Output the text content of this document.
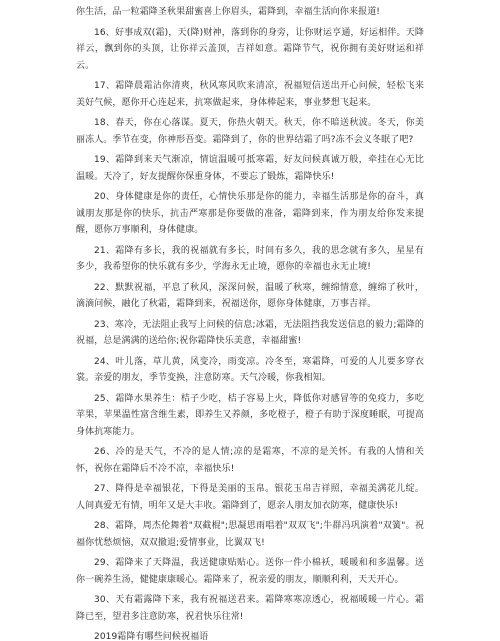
你生活，品一粒霜降圣秋果甜蜜喜上你眉头，霜降到，幸福生活向你来报道!

16、好事成双(霜)，天(降)财神，落到你的身旁，让你财运亨通，好运相伴。天降祥云，飘到你的头顶，让你祥云盖顶，吉祥如意。霜降节气，祝你拥有美好财运和祥云。

17、霜降晨霜沾你清爽，秋风寒风吹来清凉，祝福短信送出开心问候，轻松飞来美好气候，愿你开心连起来，抗寒做起来，身体棒起来，事业梦想飞起来。

18、春天，你在心落谋。夏天，你热火朝天。秋天，你不暗送秋波。冬天，你美丽冻人。季节在变，你神形吾变。霜降到了，你的世界结霜了吗?冻不会义冬眠了吧?

19、霜降到来天气渐凉，情谊温暖可抵寒霜，好友问候真诚万般，牵挂在心无比温暖。天冷了，好友提醒你保重身体，不要忘了锻炼，霜降快乐!

20、身体健康是你的责任，心情快乐那是你的能力，幸福生活那是你的奋斗，真诚朋友那是你的快乐，抗击严寒那是你要做的准备，霜降到来，作为朋友给你发来提醒，愿你万事顺利，身体健康。

21、霜降有多长，我的祝福就有多长，时间有多久，我的思念就有多久，星星有多少，我希望你的快乐就有多少，学海永无止境，愿你的幸福也永无止境!

22、默默祝福，平息了秋风，深深问候，温暖了秋寒，缠绵情意，缠绵了秋叶，滴滴问候，融化了秋霜，霜降到来，祝福送你，愿你身体健康，万事吉祥。

23、寒冷，无法阻止我写上问候的信息;冰霜，无法阻挡我发送信息的毅力;霜降的祝福，总是满满的送给你;祝你霜降快乐美意，幸福甜蜜!

24、叶儿落，草儿黄，风变冷，雨变凉。冷冬至，寒霜降，可爱的人儿要多穿衣裳。亲爱的朋友，季节变换，注意防寒。天气冷暖，你我相知。

25、霜降水果养生：桔子少吃，桔子容易上火，降低你对感冒等的免疫力，多吃苹果，苹果温性富含维生素，即养生又养颜，多吃橙子，橙子有助于深度睡眠，可提高身体抗寒能力。

26、冷的是天气，不冷的是人情;凉的是霜寒，不凉的是关怀。有我的人情和关怀，祝你在霜降后不冷不凉，幸福快乐!

27、降得是幸福银花，下得是美丽的玉帛。银花玉帛吉祥照，幸福美满花儿绽。人间真爱无有情，明年又是大丰收。霜降到了，愿亲人朋友加衣防寒，健康快乐!

28、霜降，周杰伦舞着"双截棍";思凝思雨唱着"双双飞";牛群冯巩演着"双簧"。祝福你忧愁烦恼，双双撤退;爱情事业，比翼双飞!

29、霜降来了天降温，我送健康贴贴心。送你一件小棉袄，暖暖和和多温馨。送你一碗养生汤，健健康康暖心。霜降来了，祝亲爱的朋友，顺顺利利，天天开心。

30、天有霜露降下来，我有祝福送君来。霜降寒寒凉透心，祝福暖暖一片心。霜降已至，望君多注意防寒，祝君快乐往常!

2019霜降有哪些问候祝福语
